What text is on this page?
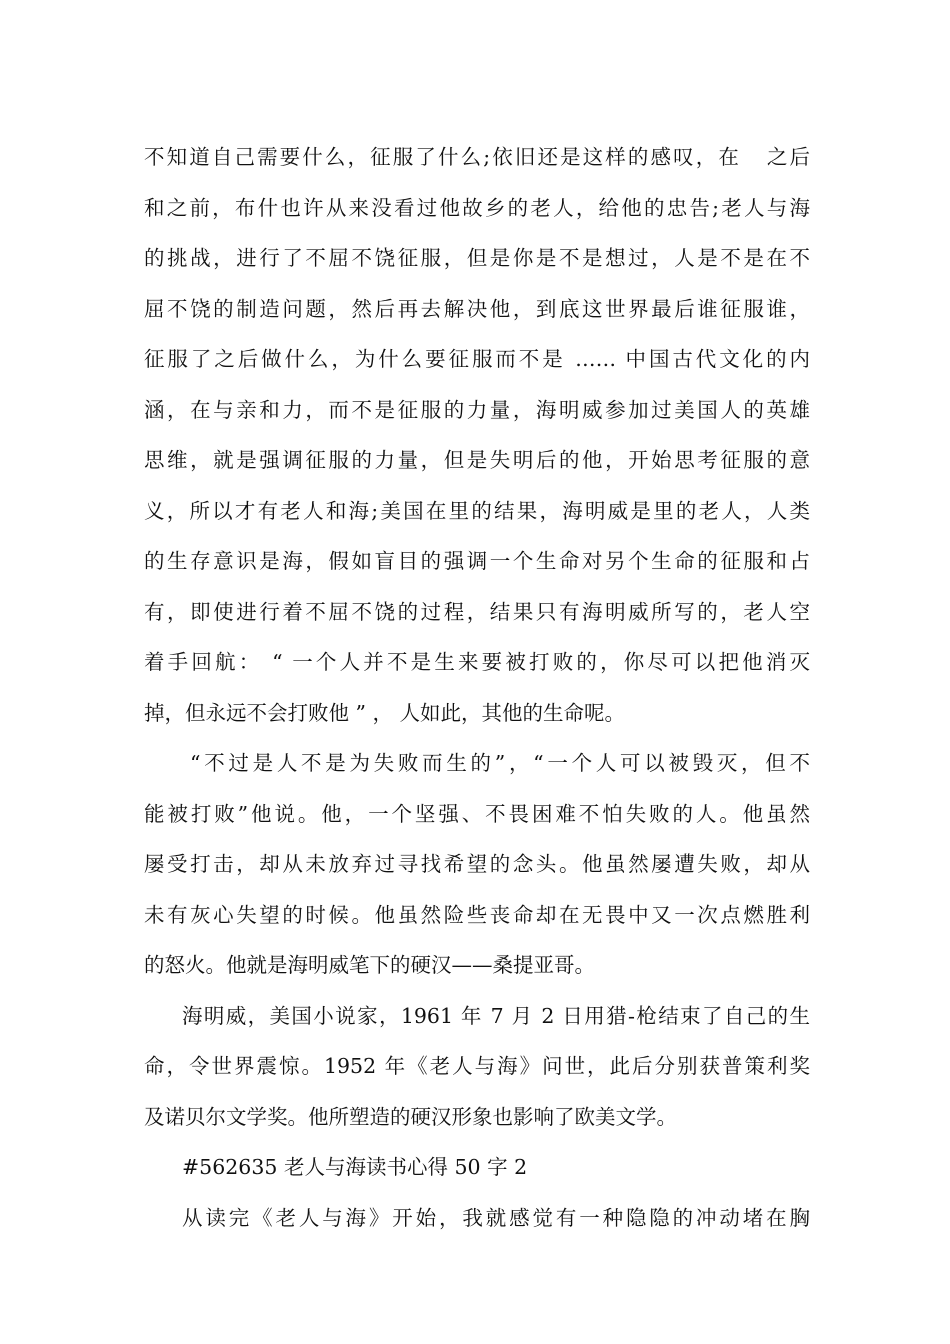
不知道自己需要什么，征服了什么;依旧还是这样的感叹，在   之后
和之前，布什也许从来没看过他故乡的老人，给他的忠告;老人与海
的挑战，进行了不屈不饶征服，但是你是不是想过，人是不是在不
屈不饶的制造问题，然后再去解决他，到底这世界最后谁征服谁，
征服了之后做什么，为什么要征服而不是 …… 中国古代文化的内
涵，在与亲和力，而不是征服的力量，海明威参加过美国人的英雄
思维，就是强调征服的力量，但是失明后的他，开始思考征服的意
义，所以才有老人和海;美国在里的结果，海明威是里的老人，人类
的生存意识是海，假如盲目的强调一个生命对另个生命的征服和占
有，即使进行着不屈不饶的过程，结果只有海明威所写的，老人空
着手回航： “ 一个人并不是生来要被打败的，你尽可以把他消灭
掉，但永远不会打败他 ” ， 人如此，其他的生命呢。
“不过是人不是为失败而生的”，“一个人可以被毁灭，但不
能被打败”他说。他，一个坚强、不畏困难不怕失败的人。他虽然
屡受打击，却从未放弃过寻找希望的念头。他虽然屡遭失败，却从
未有灰心失望的时候。他虽然险些丧命却在无畏中又一次点燃胜利
的怒火。他就是海明威笔下的硬汉——桑提亚哥。
海明威，美国小说家，1961 年 7 月 2 日用猎-枪结束了自己的生
命，令世界震惊。1952 年《老人与海》问世，此后分别获普策利奖
及诺贝尔文学奖。他所塑造的硬汉形象也影响了欧美文学。
#562635 老人与海读书心得 50 字 2
从读完《老人与海》开始，我就感觉有一种隐隐的冲动堵在胸
